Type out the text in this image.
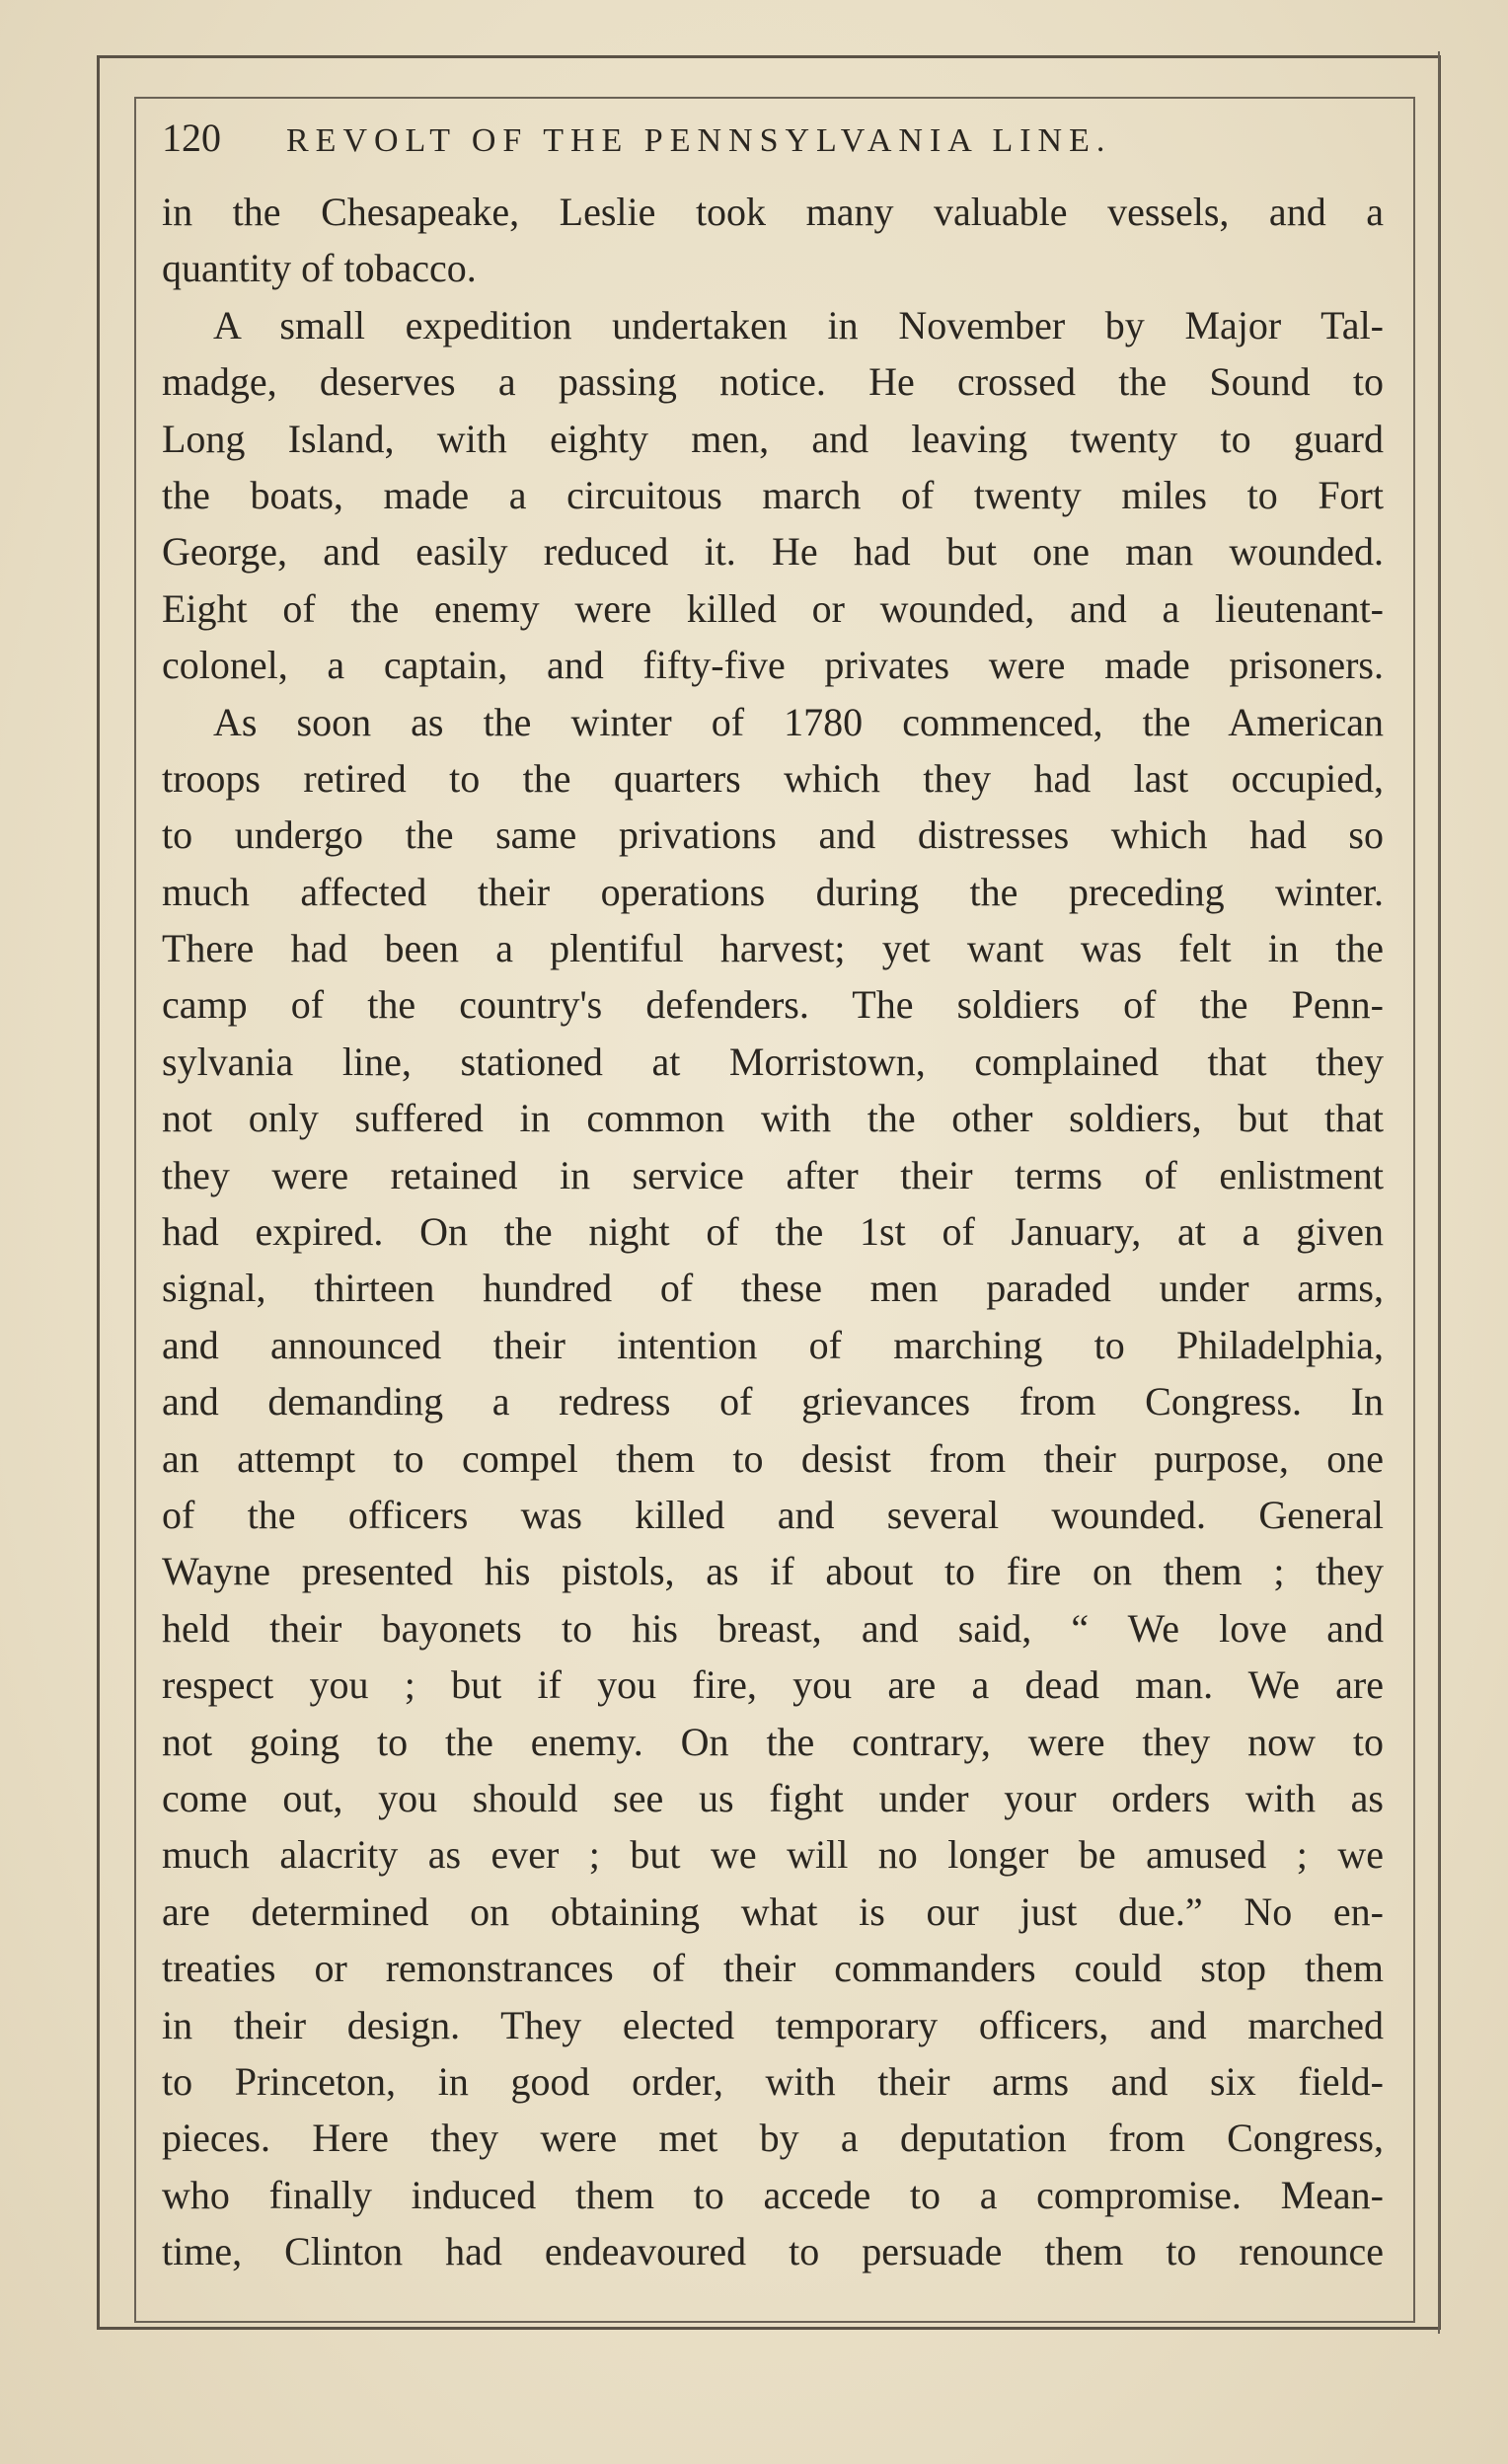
120 REVOLT OF THE PENNSYLVANIA LINE.
in the Chesapeake, Leslie took many valuable vessels, and a
quantity of tobacco.
A small expedition undertaken in November by Major Tal-
madge, deserves a passing notice. He crossed the Sound to
Long Island, with eighty men, and leaving twenty to guard
the boats, made a circuitous march of twenty miles to Fort
George, and easily reduced it. He had but one man wounded.
Eight of the enemy were killed or wounded, and a lieutenant-
colonel, a captain, and fifty-five privates were made prisoners.
As soon as the winter of 1780 commenced, the American
troops retired to the quarters which they had last occupied,
to undergo the same privations and distresses which had so
much affected their operations during the preceding winter.
There had been a plentiful harvest; yet want was felt in the
camp of the country's defenders. The soldiers of the Penn-
sylvania line, stationed at Morristown, complained that they
not only suffered in common with the other soldiers, but that
they were retained in service after their terms of enlistment
had expired. On the night of the 1st of January, at a given
signal, thirteen hundred of these men paraded under arms,
and announced their intention of marching to Philadelphia,
and demanding a redress of grievances from Congress. In
an attempt to compel them to desist from their purpose, one
of the officers was killed and several wounded. General
Wayne presented his pistols, as if about to fire on them ; they
held their bayonets to his breast, and said, “ We love and
respect you ; but if you fire, you are a dead man. We are
not going to the enemy. On the contrary, were they now to
come out, you should see us fight under your orders with as
much alacrity as ever ; but we will no longer be amused ; we
are determined on obtaining what is our just due.” No en-
treaties or remonstrances of their commanders could stop them
in their design. They elected temporary officers, and marched
to Princeton, in good order, with their arms and six field-
pieces. Here they were met by a deputation from Congress,
who finally induced them to accede to a compromise. Mean-
time, Clinton had endeavoured to persuade them to renounce
